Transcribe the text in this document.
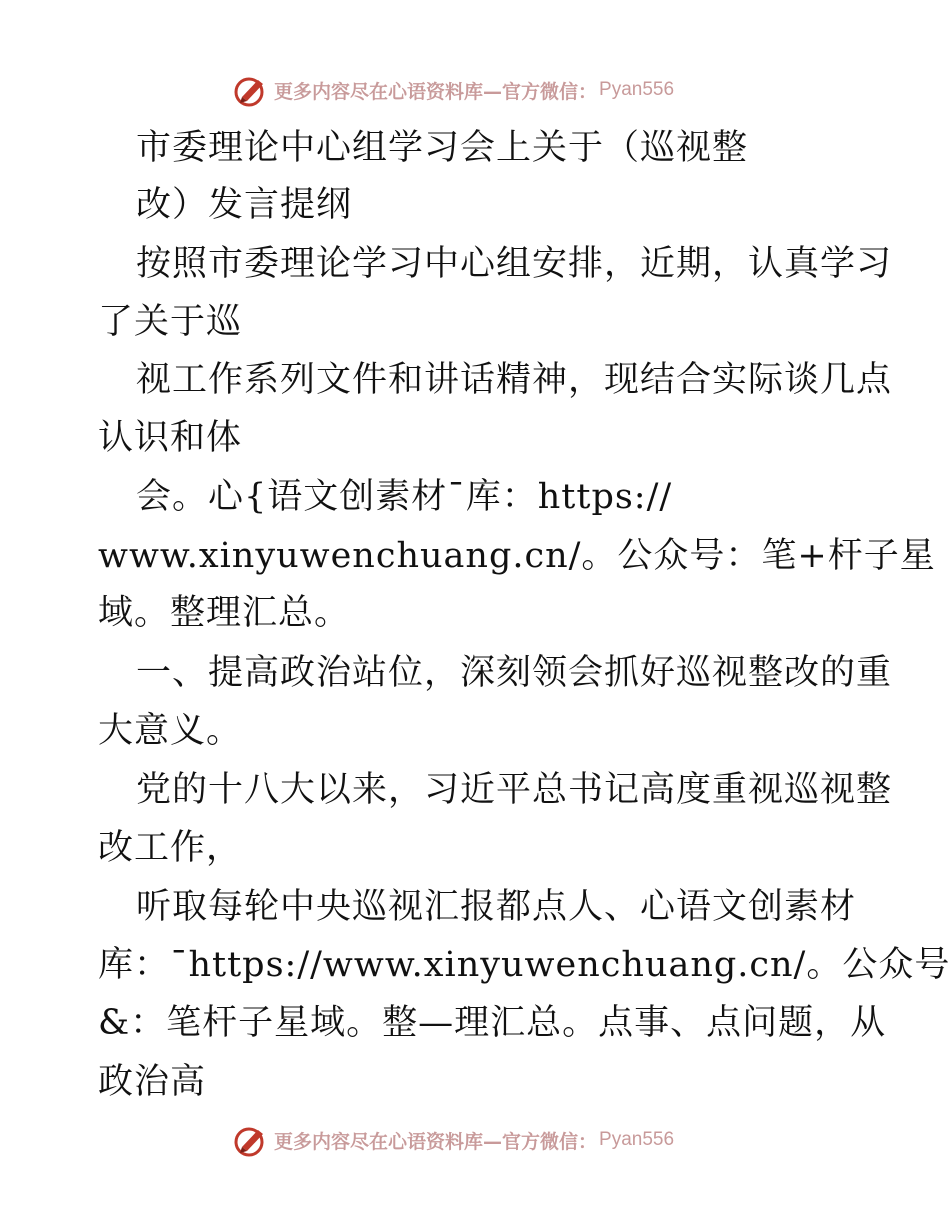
更多内容尽在心语资料库—官方微信： Pyan556
市委理论中心组学习会上关于（巡视整
改）发言提纲
按照市委理论学习中心组安排，近期，认真学习
了关于巡
视工作系列文件和讲话精神，现结合实际谈几点
认识和体
会。心{语文创素材¯库：https://
www.xinyuwenchuang.cn/。公众号：笔+杆子星
域。整理汇总。
一、提高政治站位，深刻领会抓好巡视整改的重
大意义。
党的十八大以来，习近平总书记高度重视巡视整
改工作，
听取每轮中央巡视汇报都点人、心语文创素材
库：¯https://www.xinyuwenchuang.cn/。公众号
&：笔杆子星域。整—理汇总。点事、点问题，从
政治高
更多内容尽在心语资料库—官方微信： Pyan556
